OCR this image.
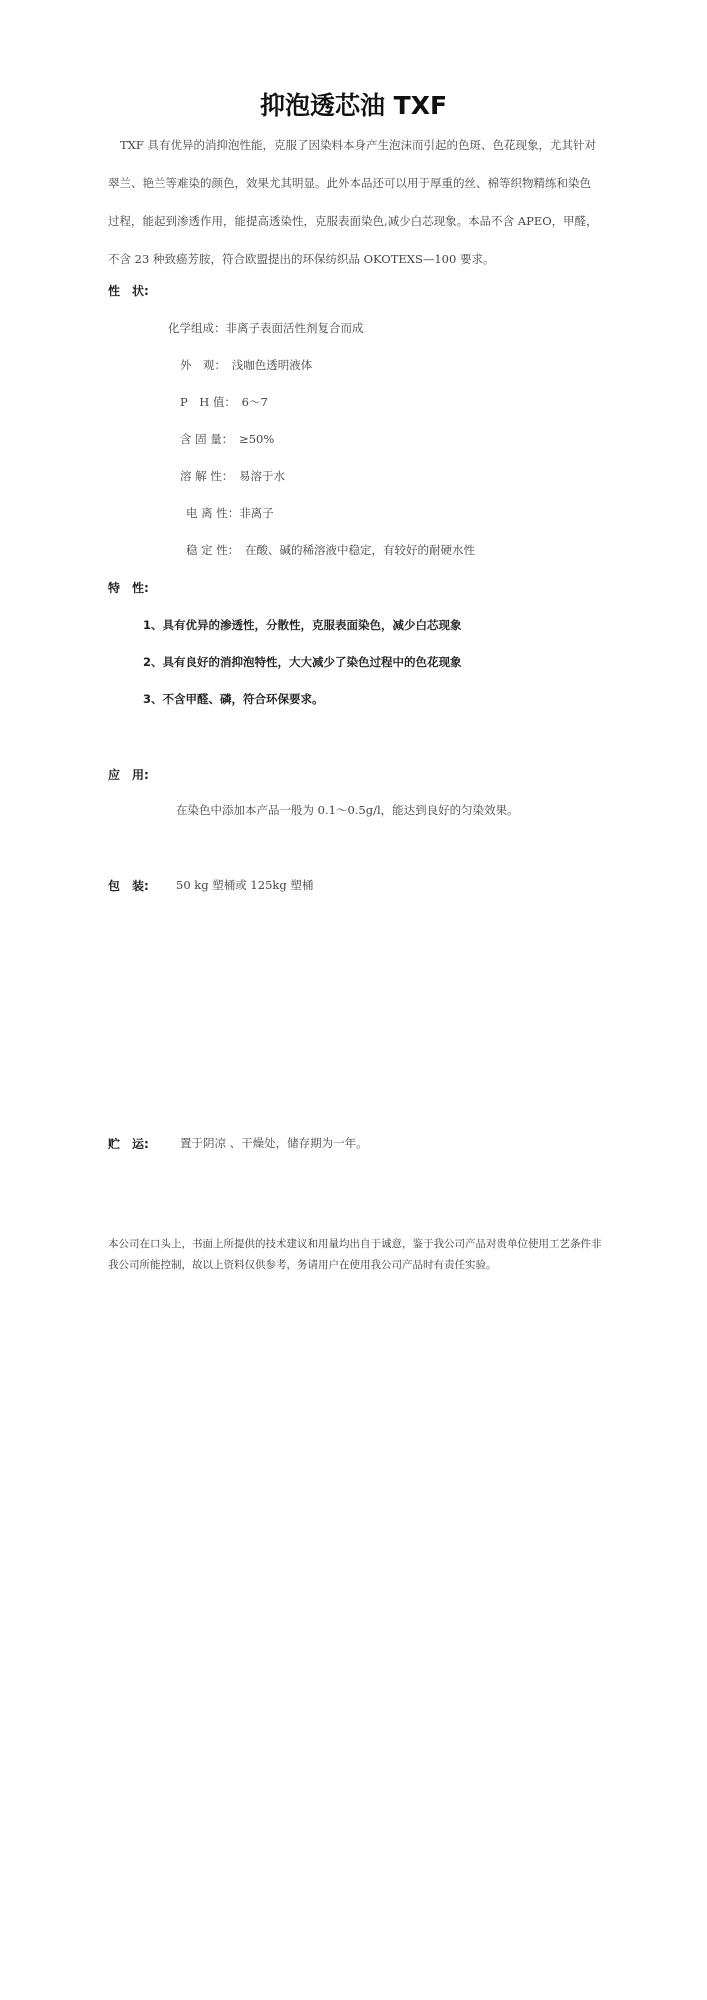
抑泡透芯油 TXF
TXF 具有优异的消抑泡性能，克服了因染料本身产生泡沫而引起的色斑、色花现象，尤其针对翠兰、艳兰等难染的颜色，效果尤其明显。此外本品还可以用于厚重的丝、棉等织物精练和染色过程，能起到渗透作用，能提高透染性，克服表面染色,减少白芯现象。本品不含 APEO，甲醛，不含 23 种致癌芳胺，符合欧盟提出的环保纺织品 OKOTEXS—100 要求。
性　状:
化学组成：非离子表面活性剂复合而成
外　观：　浅咖色透明液体
P　H 值：　6～7
含 固 量：　≥50%
溶 解 性：　易溶于水
电 离 性：非离子
稳 定 性：　在酸、碱的稀溶液中稳定，有较好的耐硬水性
特　性:
1、具有优异的渗透性，分散性，克服表面染色，减少白芯现象
2、具有良好的消抑泡特性，大大减少了染色过程中的色花现象
3、不含甲醛、磷，符合环保要求。
应　用:
在染色中添加本产品一般为 0.1～0.5g/l，能达到良好的匀染效果。
包　装: 50 kg 塑桶或 125kg 塑桶
贮　运:	置于阴凉 、干燥处，储存期为一年。
本公司在口头上，书面上所提供的技术建议和用量均出自于诚意，鉴于我公司产品对贵单位使用工艺条件非我公司所能控制，故以上资料仅供参考，务请用户在使用我公司产品时有责任实验。
